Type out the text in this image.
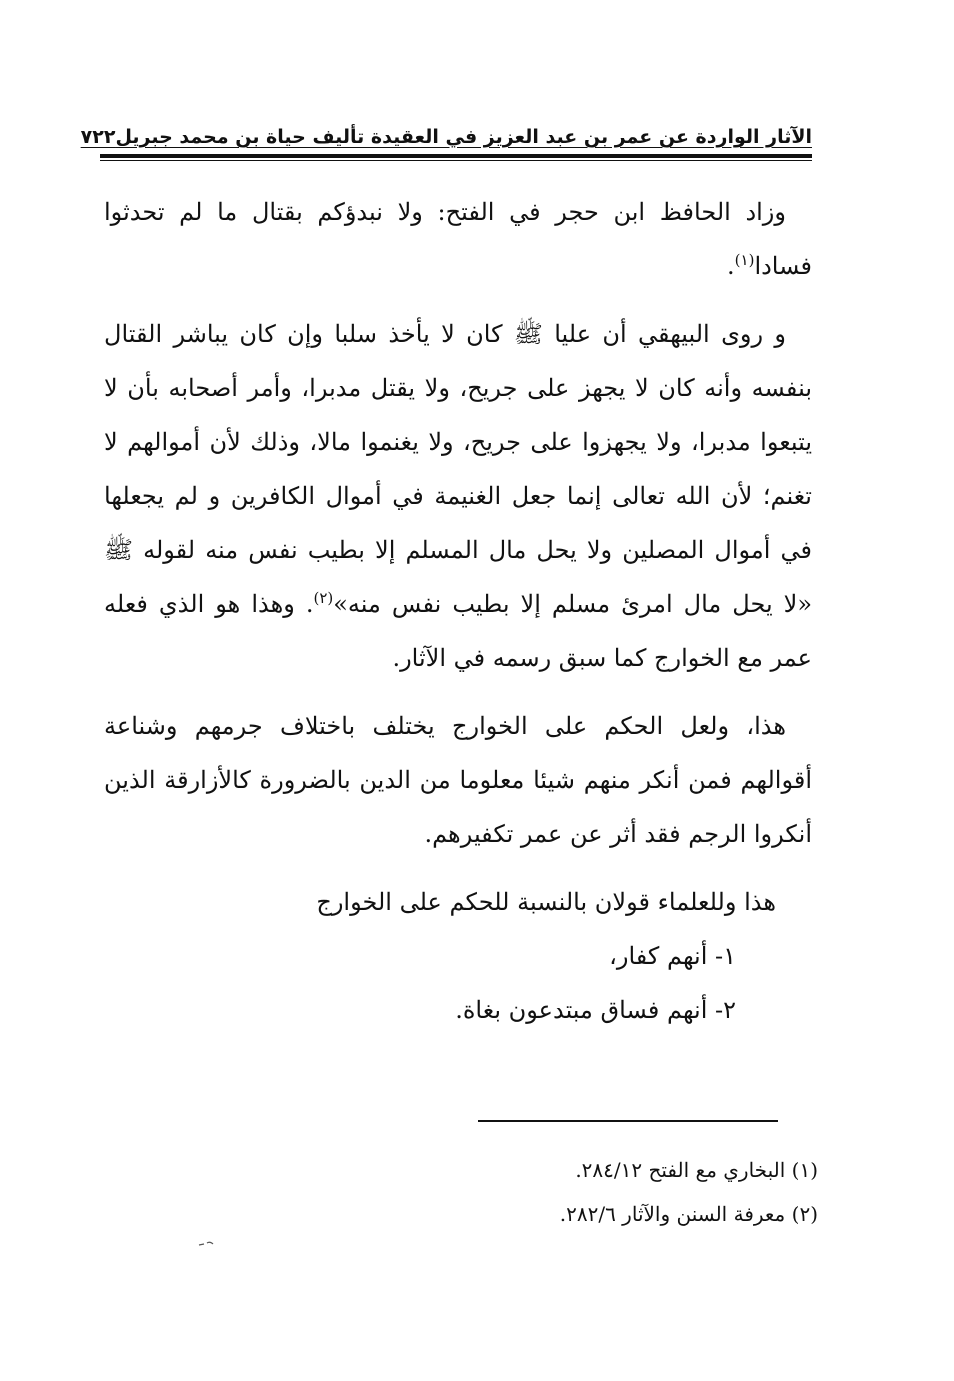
الآثار الواردة عن عمر بن عبد العزيز في العقيدة تأليف حياة بن محمد جبريل
٧٢٢

وزاد الحافظ ابن حجر في الفتح: ولا نبدؤكم بقتال ما لم تحدثوا فسادا$^{(١)}$.

و روى البيهقي أن عليا ﷺ كان لا يأخذ سلبا وإن كان يباشر القتال بنفسه وأنه كان لا يجهز على جريح، ولا يقتل مدبرا، وأمر أصحابه بأن لا يتبعوا مدبرا، ولا يجهزوا على جريح، ولا يغنموا مالا، وذلك لأن أموالهم لا تغنم؛ لأن الله تعالى إنما جعل الغنيمة في أموال الكافرين و لم يجعلها في أموال المصلين ولا يحل مال المسلم إلا بطيب نفس منه لقوله ﷺ «لا يحل مال امرئ مسلم إلا بطيب نفس منه»$^{(٢)}$. وهذا هو الذي فعله عمر مع الخوارج كما سبق رسمه في الآثار.

هذا، ولعل الحكم على الخوارج يختلف باختلاف جرمهم وشناعة أقوالهم فمن أنكر منهم شيئا معلوما من الدين بالضرورة كالأزارقة الذين أنكروا الرجم فقد أثر عن عمر تكفيرهم.

هذا وللعلماء قولان بالنسبة للحكم على الخوارج

١- أنهم كفار،

٢- أنهم فساق مبتدعون بغاة.

(١) البخاري مع الفتح ٢٨٤/١٢.

(٢) معرفة السنن والآثار ٢٨٢/٦.
